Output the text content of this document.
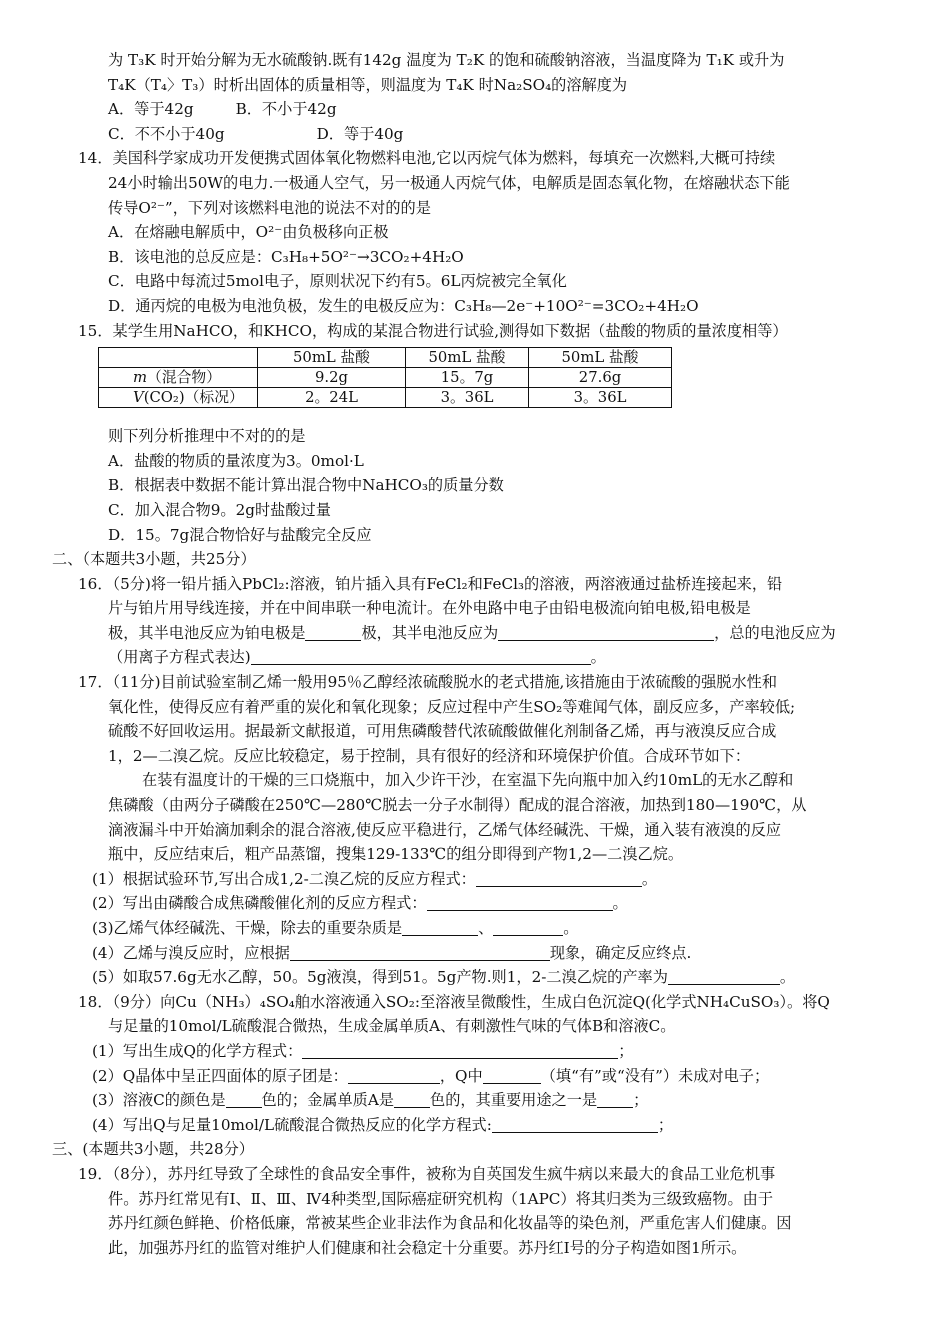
为 T₃K 时开始分解为无水硫酸钠.既有142g 温度为 T₂K 的饱和硫酸钠溶液，当温度降为 T₁K 或升为
T₄K（T₄〉T₃）时析出固体的质量相等，则温度为 T₄K 时Na₂SO₄的溶解度为
A．等于42g	B．不小于42g
C．不不小于40g	D．等于40g
14．美国科学家成功开发便携式固体氧化物燃料电池,它以丙烷气体为燃料，每填充一次燃料,大概可持续
24小时输出50W的电力.一极通人空气，另一极通人丙烷气体，电解质是固态氧化物，在熔融状态下能
传导O²⁻”，下列对该燃料电池的说法不对的的是
A．在熔融电解质中，O²⁻由负极移向正极
B．该电池的总反应是：C₃H₈+5O²⁻→3CO₂+4H₂O
C．电路中每流过5mol电子，原则状况下约有5。6L丙烷被完全氧化
D．通丙烷的电极为电池负极，发生的电极反应为：C₃H₈—2e⁻+10O²⁻=3CO₂+4H₂O
15．某学生用NaHCO，和KHCO，构成的某混合物进行试验,测得如下数据（盐酸的物质的量浓度相等）
	50mL 盐酸	50mL 盐酸	50mL 盐酸
m（混合物）	9.2g	15。7g	27.6g
V(CO₂)（标况）	2。24L	3。36L	3。36L
则下列分析推理中不对的的是
A．盐酸的物质的量浓度为3。0mol·L
B．根据表中数据不能计算出混合物中NaHCO₃的质量分数
C．加入混合物9。2g时盐酸过量
D．15。7g混合物恰好与盐酸完全反应
二、（本题共3小题，共25分）
16．（5分)将一铅片插入PbCl₂:溶液，铂片插入具有FeCl₂和FeCl₃的溶液，两溶液通过盐桥连接起来，铅
片与铂片用导线连接，并在中间串联一种电流计。在外电路中电子由铅电极流向铂电极,铅电极是
极，其半电池反应为铂电极是	极，其半电池反应为	，总的电池反应为
（用离子方程式表达)	。
17．（11分)目前试验室制乙烯一般用95％乙醇经浓硫酸脱水的老式措施,该措施由于浓硫酸的强脱水性和
氧化性，使得反应有着严重的炭化和氧化现象；反应过程中产生SO₂等难闻气体，副反应多，产率较低;
硫酸不好回收运用。据最新文献报道，可用焦磷酸替代浓硫酸做催化剂制备乙烯，再与液溴反应合成
1，2—二溴乙烷。反应比较稳定，易于控制，具有很好的经济和环境保护价值。合成环节如下：
在装有温度计的干燥的三口烧瓶中，加入少许干沙，在室温下先向瓶中加入约10mL的无水乙醇和
焦磷酸（由两分子磷酸在250℃—280℃脱去一分子水制得）配成的混合溶液，加热到180—190℃，从
滴液漏斗中开始滴加剩余的混合溶液,使反应平稳进行，乙烯气体经碱洗、干燥，通入装有液溴的反应
瓶中，反应结束后，粗产品蒸馏，搜集129-133℃的组分即得到产物1,2—二溴乙烷。
(1）根据试验环节,写出合成1,2-二溴乙烷的反应方程式：	。
(2）写出由磷酸合成焦磷酸催化剂的反应方程式：	。
(3)乙烯气体经碱洗、干燥，除去的重要杂质是	、	。
(4）乙烯与溴反应时，应根据	现象，确定反应终点.
(5）如取57.6g无水乙醇，50。5g液溴，得到51。5g产物.则1，2-二溴乙烷的产率为	。
18．（9分）向Cu（NH₃）₄SO₄舶水溶液通入SO₂:至溶液呈微酸性，生成白色沉淀Q(化学式NH₄CuSO₃）。将Q
与足量的10mol/L硫酸混合微热，生成金属单质A、有刺激性气味的气体B和溶液C。
(1）写出生成Q的化学方程式：	；
(2）Q晶体中呈正四面体的原子团是：	，Q中	（填“有”或“没有”）未成对电子；
(3）溶液C的颜色是 色的；金属单质A是 色的，其重要用途之一是 ；
(4）写出Q与足量10mol/L硫酸混合微热反应的化学方程式:	；
三、(本题共3小题，共28分）
19．（8分），苏丹红导致了全球性的食品安全事件，被称为自英国发生疯牛病以来最大的食品工业危机事
件。苏丹红常见有Ⅰ、Ⅱ、Ⅲ、Ⅳ4种类型,国际癌症研究机构（1APC）将其归类为三级致癌物。由于
苏丹红颜色鲜艳、价格低廉，常被某些企业非法作为食品和化妆晶等的染色剂，严重危害人们健康。因
此，加强苏丹红的监管对维护人们健康和社会稳定十分重要。苏丹红Ⅰ号的分子构造如图1所示。
